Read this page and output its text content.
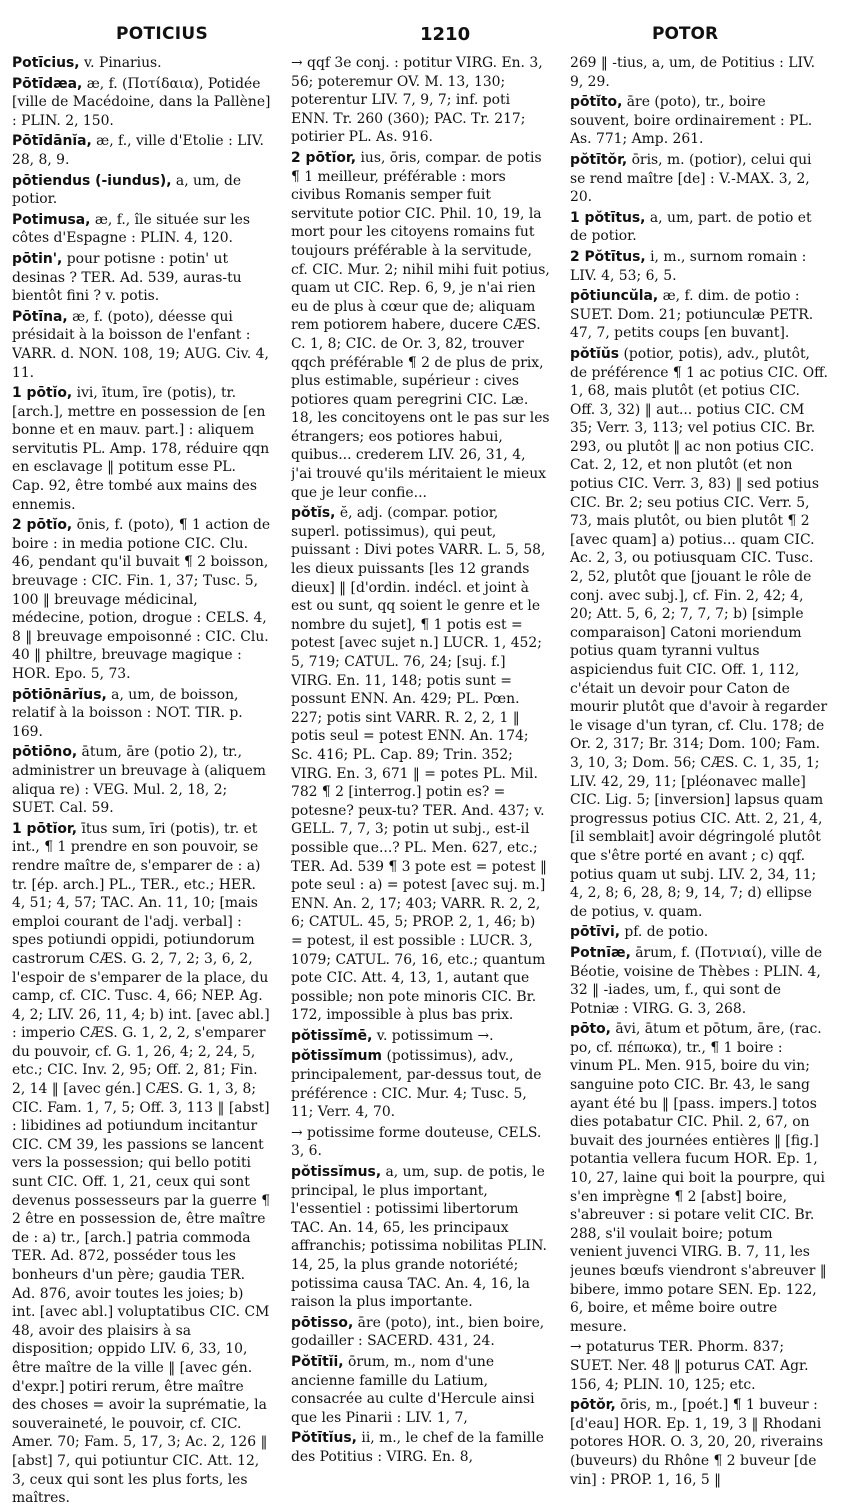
POTICIUS	1210	POTOR

Potīcius, v. Pinarius.

Pōtīdæa, æ, f. (Ποτίδαια), Potidée [ville de Macédoine, dans la Pallène] : PLIN. 2, 150.

Pōtīdānĭa, æ, f., ville d'Etolie : LIV. 28, 8, 9.

pōtiendus (-iundus), a, um, de potior.

Potimusa, æ, f., île située sur les côtes d'Espagne : PLIN. 4, 120.

pōtin', pour potisne : potin' ut desinas ? TER. Ad. 539, auras-tu bientôt fini ? v. potis.

Pōtīna, æ, f. (poto), déesse qui présidait à la boisson de l'enfant : VARR. d. NON. 108, 19; AUG. Civ. 4, 11.

1 pōtĭo, ivi, ītum, īre (potis), tr. [arch.], mettre en possession de [en bonne et en mauv. part.] : aliquem servitutis PL. Amp. 178, réduire qqn en esclavage ‖ potitum esse PL. Cap. 92, être tombé aux mains des ennemis.

2 pōtĭo, ōnis, f. (poto), ¶ 1 action de boire : in media potione CIC. Clu. 46, pendant qu'il buvait ¶ 2 boisson, breuvage : CIC. Fin. 1, 37; Tusc. 5, 100 ‖ breuvage médicinal, médecine, potion, drogue : CELS. 4, 8 ‖ breuvage empoisonné : CIC. Clu. 40 ‖ philtre, breuvage magique : HOR. Epo. 5, 73.

pōtiōnārĭus, a, um, de boisson, relatif à la boisson : NOT. TIR. p. 169.

pōtiōno, ātum, āre (potio 2), tr., administrer un breuvage à (aliquem aliqua re) : VEG. Mul. 2, 18, 2; SUET. Cal. 59.

1 pōtĭor, ītus sum, īri (potis), tr. et int., ¶ 1 prendre en son pouvoir, se rendre maître de, s'emparer de : a) tr. [ép. arch.] PL., TER., etc.; HER. 4, 51; 4, 57; TAC. An. 11, 10; [mais emploi courant de l'adj. verbal] : spes potiundi oppidi, potiundorum castrorum CÆS. G. 2, 7, 2; 3, 6, 2, l'espoir de s'emparer de la place, du camp, cf. CIC. Tusc. 4, 66; NEP. Ag. 4, 2; LIV. 26, 11, 4; b) int. [avec abl.] : imperio CÆS. G. 1, 2, 2, s'emparer du pouvoir, cf. G. 1, 26, 4; 2, 24, 5, etc.; CIC. Inv. 2, 95; Off. 2, 81; Fin. 2, 14 ‖ [avec gén.] CÆS. G. 1, 3, 8; CIC. Fam. 1, 7, 5; Off. 3, 113 ‖ [abst] : libidines ad potiundum incitantur CIC. CM 39, les passions se lancent vers la possession; qui bello potiti sunt CIC. Off. 1, 21, ceux qui sont devenus possesseurs par la guerre ¶ 2 être en possession de, être maître de : a) tr., [arch.] patria commoda TER. Ad. 872, posséder tous les bonheurs d'un père; gaudia TER. Ad. 876, avoir toutes les joies; b) int. [avec abl.] voluptatibus CIC. CM 48, avoir des plaisirs à sa disposition; oppido LIV. 6, 33, 10, être maître de la ville ‖ [avec gén. d'expr.] potiri rerum, être maître des choses = avoir la suprématie, la souveraineté, le pouvoir, cf. CIC. Amer. 70; Fam. 5, 17, 3; Ac. 2, 126 ‖ [abst] 7, qui potiuntur CIC. Att. 12, 3, ceux qui sont les plus forts, les maîtres.

→ qqf 3e conj. : potitur VIRG. En. 3, 56; poteremur OV. M. 13, 130; poterentur LIV. 7, 9, 7; inf. poti ENN. Tr. 260 (360); PAC. Tr. 217; potirier PL. As. 916.

2 pōtĭor, ius, ōris, compar. de potis ¶ 1 meilleur, préférable : mors civibus Romanis semper fuit servitute potior CIC. Phil. 10, 19, la mort pour les citoyens romains fut toujours préférable à la servitude, cf. CIC. Mur. 2; nihil mihi fuit potius, quam ut CIC. Rep. 6, 9, je n'ai rien eu de plus à cœur que de; aliquam rem potiorem habere, ducere CÆS. C. 1, 8; CIC. de Or. 3, 82, trouver qqch préférable ¶ 2 de plus de prix, plus estimable, supérieur : cives potiores quam peregrini CIC. Læ. 18, les concitoyens ont le pas sur les étrangers; eos potiores habui, quibus... crederem LIV. 26, 31, 4, j'ai trouvé qu'ils méritaient le mieux que je leur confie...

pŏtĭs, ĕ, adj. (compar. potior, superl. potissimus), qui peut, puissant : Divi potes VARR. L. 5, 58, les dieux puissants [les 12 grands dieux] ‖ [d'ordin. indécl. et joint à est ou sunt, qq soient le genre et le nombre du sujet], ¶ 1 potis est = potest [avec sujet n.] LUCR. 1, 452; 5, 719; CATUL. 76, 24; [suj. f.] VIRG. En. 11, 148; potis sunt = possunt ENN. An. 429; PL. Pœn. 227; potis sint VARR. R. 2, 2, 1 ‖ potis seul = potest ENN. An. 174; Sc. 416; PL. Cap. 89; Trin. 352; VIRG. En. 3, 671 ‖ = potes PL. Mil. 782 ¶ 2 [interrog.] potin es? = potesne? peux-tu? TER. And. 437; v. GELL. 7, 7, 3; potin ut subj., est-il possible que...? PL. Men. 627, etc.; TER. Ad. 539 ¶ 3 pote est = potest ‖ pote seul : a) = potest [avec suj. m.] ENN. An. 2, 17; 403; VARR. R. 2, 2, 6; CATUL. 45, 5; PROP. 2, 1, 46; b) = potest, il est possible : LUCR. 3, 1079; CATUL. 76, 16, etc.; quantum pote CIC. Att. 4, 13, 1, autant que possible; non pote minoris CIC. Br. 172, impossible à plus bas prix.

pŏtissĭmē, v. potissimum →.

pŏtissĭmum (potissimus), adv., principalement, par-dessus tout, de préférence : CIC. Mur. 4; Tusc. 5, 11; Verr. 4, 70.

→ potissime forme douteuse, CELS. 3, 6.

pŏtissĭmus, a, um, sup. de potis, le principal, le plus important, l'essentiel : potissimi libertorum TAC. An. 14, 65, les principaux affranchis; potissima nobilitas PLIN. 14, 25, la plus grande notoriété; potissima causa TAC. An. 4, 16, la raison la plus importante.

pōtisso, āre (poto), int., bien boire, godailler : SACERD. 431, 24.

Pŏtītĭi, ōrum, m., nom d'une ancienne famille du Latium, consacrée au culte d'Hercule ainsi que les Pinarii : LIV. 1, 7,

Pŏtītĭus, ii, m., le chef de la famille des Potitius : VIRG. En. 8,

269 ‖ -tius, a, um, de Potitius : LIV. 9, 29.

pōtĭto, āre (poto), tr., boire souvent, boire ordinairement : PL. As. 771; Amp. 261.

pŏtītŏr, ōris, m. (potior), celui qui se rend maître [de] : V.-MAX. 3, 2, 20.

1 pŏtītus, a, um, part. de potio et de potior.

2 Pŏtītus, i, m., surnom romain : LIV. 4, 53; 6, 5.

pōtiuncŭla, æ, f. dim. de potio : SUET. Dom. 21; potiunculæ PETR. 47, 7, petits coups [en buvant].

pŏtĭŭs (potior, potis), adv., plutôt, de préférence ¶ 1 ac potius CIC. Off. 1, 68, mais plutôt (et potius CIC. Off. 3, 32) ‖ aut... potius CIC. CM 35; Verr. 3, 113; vel potius CIC. Br. 293, ou plutôt ‖ ac non potius CIC. Cat. 2, 12, et non plutôt (et non potius CIC. Verr. 3, 83) ‖ sed potius CIC. Br. 2; seu potius CIC. Verr. 5, 73, mais plutôt, ou bien plutôt ¶ 2 [avec quam] a) potius... quam CIC. Ac. 2, 3, ou potiusquam CIC. Tusc. 2, 52, plutôt que [jouant le rôle de conj. avec subj.], cf. Fin. 2, 42; 4, 20; Att. 5, 6, 2; 7, 7, 7; b) [simple comparaison] Catoni moriendum potius quam tyranni vultus aspiciendus fuit CIC. Off. 1, 112, c'était un devoir pour Caton de mourir plutôt que d'avoir à regarder le visage d'un tyran, cf. Clu. 178; de Or. 2, 317; Br. 314; Dom. 100; Fam. 3, 10, 3; Dom. 56; CÆS. C. 1, 35, 1; LIV. 42, 29, 11; [pléonavec malle] CIC. Lig. 5; [inversion] lapsus quam progressus potius CIC. Att. 2, 21, 4, [il semblait] avoir dégringolé plutôt que s'être porté en avant ; c) qqf. potius quam ut subj. LIV. 2, 34, 11; 4, 2, 8; 6, 28, 8; 9, 14, 7; d) ellipse de potius, v. quam.

pōtīvi, pf. de potio.

Potnīæ, ārum, f. (Ποτνιαί), ville de Béotie, voisine de Thèbes : PLIN. 4, 32 ‖ -iades, um, f., qui sont de Potniæ : VIRG. G. 3, 268.

pōto, āvi, ātum et pōtum, āre, (rac. po, cf. πέπωκα), tr., ¶ 1 boire : vinum PL. Men. 915, boire du vin; sanguine poto CIC. Br. 43, le sang ayant été bu ‖ [pass. impers.] totos dies potabatur CIC. Phil. 2, 67, on buvait des journées entières ‖ [fig.] potantia vellera fucum HOR. Ep. 1, 10, 27, laine qui boit la pourpre, qui s'en imprègne ¶ 2 [abst] boire, s'abreuver : si potare velit CIC. Br. 288, s'il voulait boire; potum venient juvenci VIRG. B. 7, 11, les jeunes bœufs viendront s'abreuver ‖ bibere, immo potare SEN. Ep. 122, 6, boire, et même boire outre mesure.

→ potaturus TER. Phorm. 837; SUET. Ner. 48 ‖ poturus CAT. Agr. 156, 4; PLIN. 10, 125; etc.

pōtŏr, ōris, m., [poét.] ¶ 1 buveur : [d'eau] HOR. Ep. 1, 19, 3 ‖ Rhodani potores HOR. O. 3, 20, 20, riverains (buveurs) du Rhône ¶ 2 buveur [de vin] : PROP. 1, 16, 5 ‖
